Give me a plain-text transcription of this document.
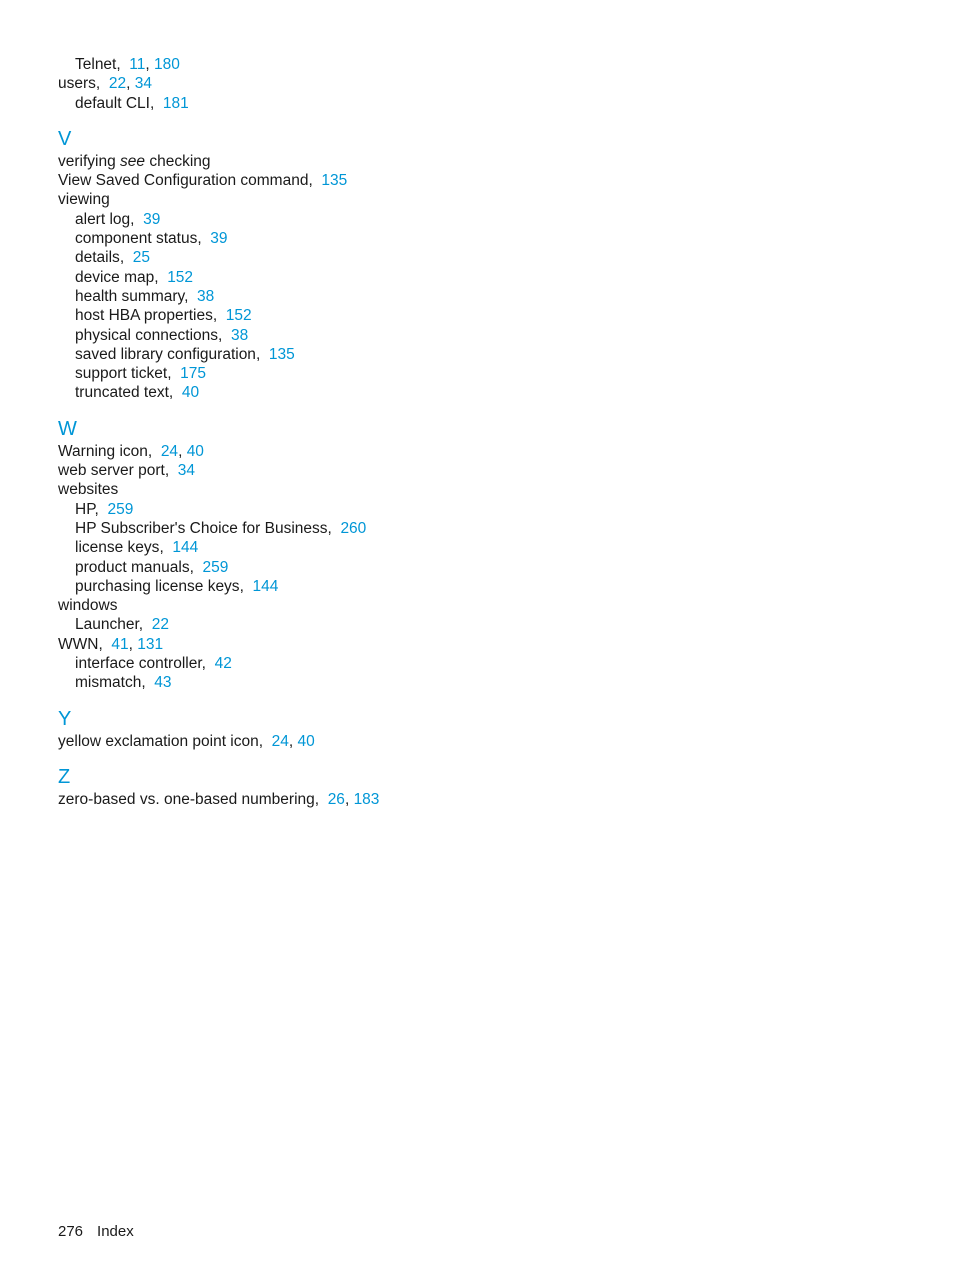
Telnet,  11, 180
users,  22, 34
default CLI,  181
V
verifying see checking
View Saved Configuration command,  135
viewing
alert log,  39
component status,  39
details,  25
device map,  152
health summary,  38
host HBA properties,  152
physical connections,  38
saved library configuration,  135
support ticket,  175
truncated text,  40
W
Warning icon,  24, 40
web server port,  34
websites
HP,  259
HP Subscriber's Choice for Business,  260
license keys,  144
product manuals,  259
purchasing license keys,  144
windows
Launcher,  22
WWN,  41, 131
interface controller,  42
mismatch,  43
Y
yellow exclamation point icon,  24, 40
Z
zero-based vs. one-based numbering,  26, 183
276 Index
